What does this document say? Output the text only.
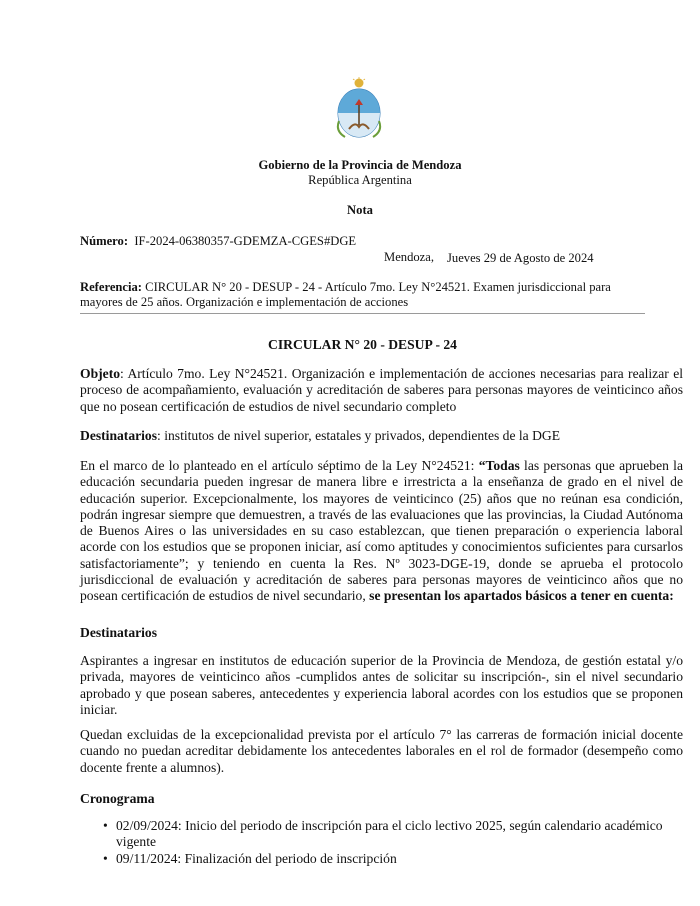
Gobierno de la Provincia de Mendoza
República Argentina
Nota
Número: IF-2024-06380357-GDEMZA-CGES#DGE
Mendoza, Jueves 29 de Agosto de 2024
Referencia: CIRCULAR N° 20 - DESUP - 24 - Artículo 7mo. Ley N°24521. Examen jurisdiccional para mayores de 25 años. Organización e implementación de acciones
CIRCULAR N° 20 - DESUP - 24

Objeto: Artículo 7mo. Ley N°24521. Organización e implementación de acciones necesarias para realizar el proceso de acompañamiento, evaluación y acreditación de saberes para personas mayores de veinticinco años que no posean certificación de estudios de nivel secundario completo

Destinatarios: institutos de nivel superior, estatales y privados, dependientes de la DGE

En el marco de lo planteado en el artículo séptimo de la Ley N°24521: “Todas las personas que aprueben la educación secundaria pueden ingresar de manera libre e irrestricta a la enseñanza de grado en el nivel de educación superior. Excepcionalmente, los mayores de veinticinco (25) años que no reúnan esa condición, podrán ingresar siempre que demuestren, a través de las evaluaciones que las provincias, la Ciudad Autónoma de Buenos Aires o las universidades en su caso establezcan, que tienen preparación o experiencia laboral acorde con los estudios que se proponen iniciar, así como aptitudes y conocimientos suficientes para cursarlos satisfactoriamente”; y teniendo en cuenta la Res. Nº 3023-DGE-19, donde se aprueba el protocolo jurisdiccional de evaluación y acreditación de saberes para personas mayores de veinticinco años que no posean certificación de estudios de nivel secundario, se presentan los apartados básicos a tener en cuenta:

Destinatarios

Aspirantes a ingresar en institutos de educación superior de la Provincia de Mendoza, de gestión estatal y/o privada, mayores de veinticinco años -cumplidos antes de solicitar su inscripción-, sin el nivel secundario aprobado y que posean saberes, antecedentes y experiencia laboral acordes con los estudios que se proponen iniciar.

Quedan excluidas de la excepcionalidad prevista por el artículo 7° las carreras de formación inicial docente cuando no puedan acreditar debidamente los antecedentes laborales en el rol de formador (desempeño como docente frente a alumnos).

Cronograma
• 02/09/2024: Inicio del periodo de inscripción para el ciclo lectivo 2025, según calendario académico vigente
• 09/11/2024: Finalización del periodo de inscripción
